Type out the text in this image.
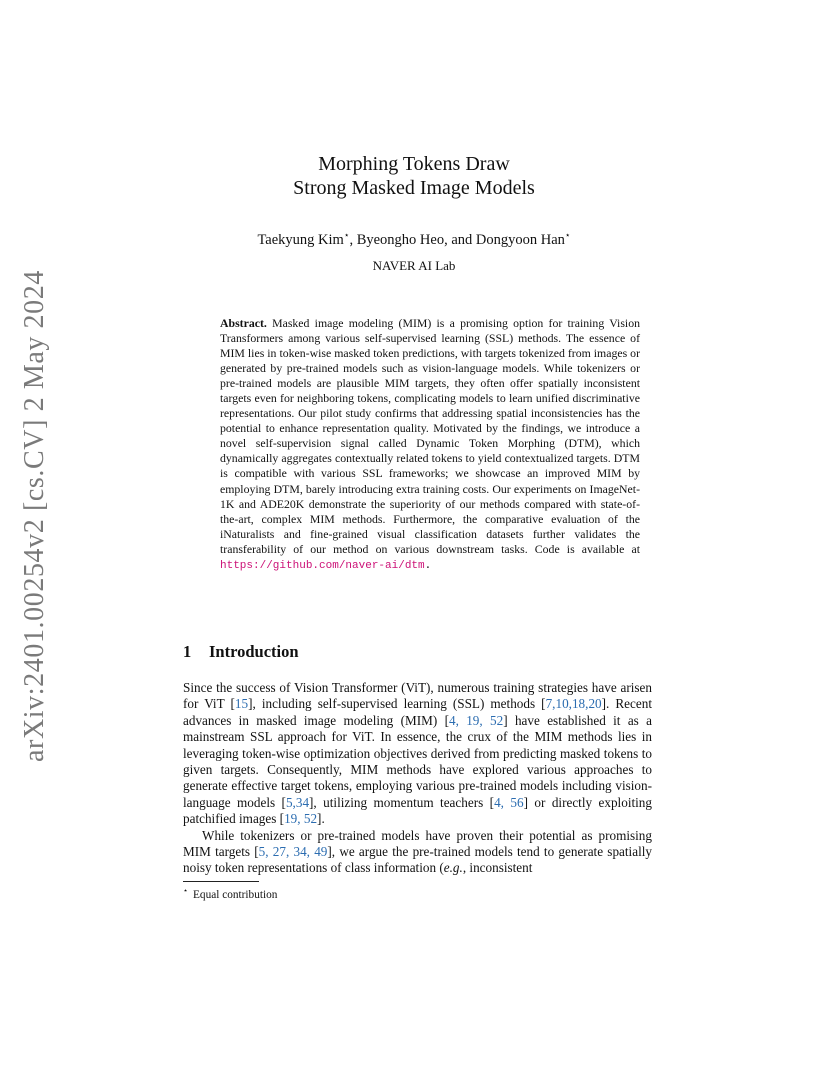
arXiv:2401.00254v2 [cs.CV] 2 May 2024
Morphing Tokens Draw
Strong Masked Image Models
Taekyung Kim⋆, Byeongho Heo, and Dongyoon Han⋆
NAVER AI Lab
Abstract. Masked image modeling (MIM) is a promising option for training Vision Transformers among various self-supervised learning (SSL) methods. The essence of MIM lies in token-wise masked token predictions, with targets tokenized from images or generated by pre-trained models such as vision-language models. While tokenizers or pre-trained models are plausible MIM targets, they often offer spatially inconsistent targets even for neighboring tokens, complicating models to learn unified discriminative representations. Our pilot study confirms that addressing spatial inconsistencies has the potential to enhance representation quality. Motivated by the findings, we introduce a novel self-supervision signal called Dynamic Token Morphing (DTM), which dynamically aggregates contextually related tokens to yield contextualized targets. DTM is compatible with various SSL frameworks; we showcase an improved MIM by employing DTM, barely introducing extra training costs. Our experiments on ImageNet-1K and ADE20K demonstrate the superiority of our methods compared with state-of-the-art, complex MIM methods. Furthermore, the comparative evaluation of the iNaturalists and fine-grained visual classification datasets further validates the transferability of our method on various downstream tasks. Code is available at https://github.com/naver-ai/dtm.
1 Introduction

Since the success of Vision Transformer (ViT), numerous training strategies have arisen for ViT [15], including self-supervised learning (SSL) methods [7,10,18,20]. Recent advances in masked image modeling (MIM) [4, 19, 52] have established it as a mainstream SSL approach for ViT. In essence, the crux of the MIM methods lies in leveraging token-wise optimization objectives derived from predicting masked tokens to given targets. Consequently, MIM methods have explored various approaches to generate effective target tokens, employing various pre-trained models including vision-language models [5,34], utilizing momentum teachers [4, 56] or directly exploiting patchified images [19, 52].

While tokenizers or pre-trained models have proven their potential as promising MIM targets [5, 27, 34, 49], we argue the pre-trained models tend to generate spatially noisy token representations of class information (e.g., inconsistent

⋆ Equal contribution
